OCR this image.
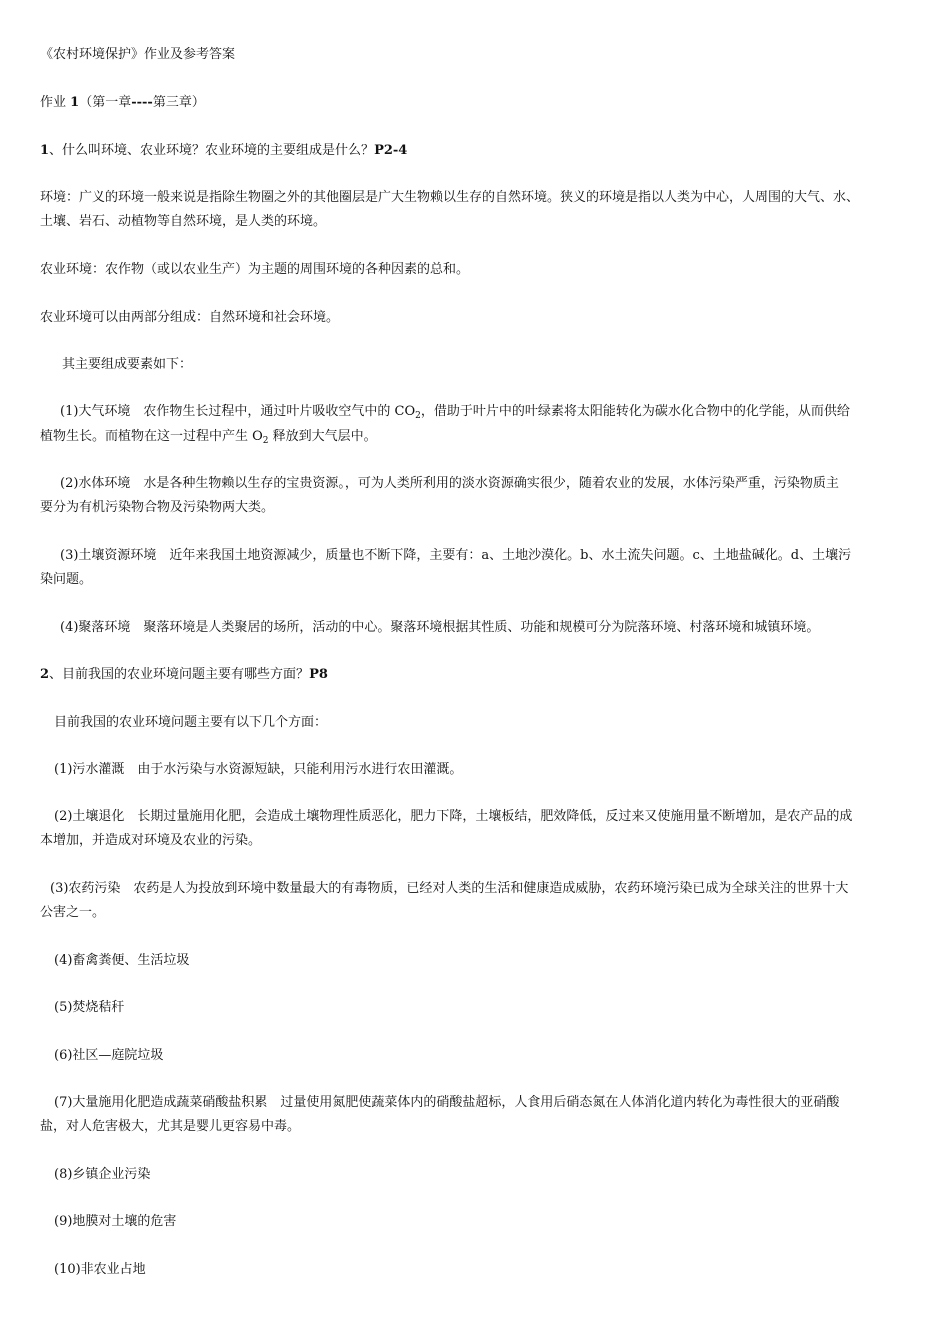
《农村环境保护》作业及参考答案
作业 1（第一章----第三章）
1、什么叫环境、农业环境？农业环境的主要组成是什么？P2-4
环境：广义的环境一般来说是指除生物圈之外的其他圈层是广大生物赖以生存的自然环境。狭义的环境是指以人类为中心，人周围的大气、水、
土壤、岩石、动植物等自然环境，是人类的环境。
农业环境：农作物（或以农业生产）为主题的周围环境的各种因素的总和。
农业环境可以由两部分组成：自然环境和社会环境。
其主要组成要素如下：
(1)大气环境　农作物生长过程中，通过叶片吸收空气中的 $CO_2$，借助于叶片中的叶绿素将太阳能转化为碳水化合物中的化学能，从而供给
植物生长。而植物在这一过程中产生 $O_2$ 释放到大气层中。
(2)水体环境　水是各种生物赖以生存的宝贵资源。，可为人类所利用的淡水资源确实很少，随着农业的发展，水体污染严重，污染物质主
要分为有机污染物合物及污染物两大类。
(3)土壤资源环境　近年来我国土地资源减少，质量也不断下降，主要有：a、土地沙漠化。b、水土流失问题。c、土地盐碱化。d、土壤污
染问题。
(4)聚落环境　聚落环境是人类聚居的场所，活动的中心。聚落环境根据其性质、功能和规模可分为院落环境、村落环境和城镇环境。
2、目前我国的农业环境问题主要有哪些方面？P8
目前我国的农业环境问题主要有以下几个方面：
(1)污水灌溉　由于水污染与水资源短缺，只能利用污水进行农田灌溉。
(2)土壤退化　长期过量施用化肥，会造成土壤物理性质恶化，肥力下降，土壤板结，肥效降低，反过来又使施用量不断增加，是农产品的成
本增加，并造成对环境及农业的污染。
(3)农药污染　农药是人为投放到环境中数量最大的有毒物质，已经对人类的生活和健康造成威胁，农药环境污染已成为全球关注的世界十大
公害之一。
(4)畜禽粪便、生活垃圾
(5)焚烧秸秆
(6)社区—庭院垃圾
(7)大量施用化肥造成蔬菜硝酸盐积累　过量使用氮肥使蔬菜体内的硝酸盐超标，人食用后硝态氮在人体消化道内转化为毒性很大的亚硝酸
盐，对人危害极大，尤其是婴儿更容易中毒。
(8)乡镇企业污染
(9)地膜对土壤的危害
(10)非农业占地
